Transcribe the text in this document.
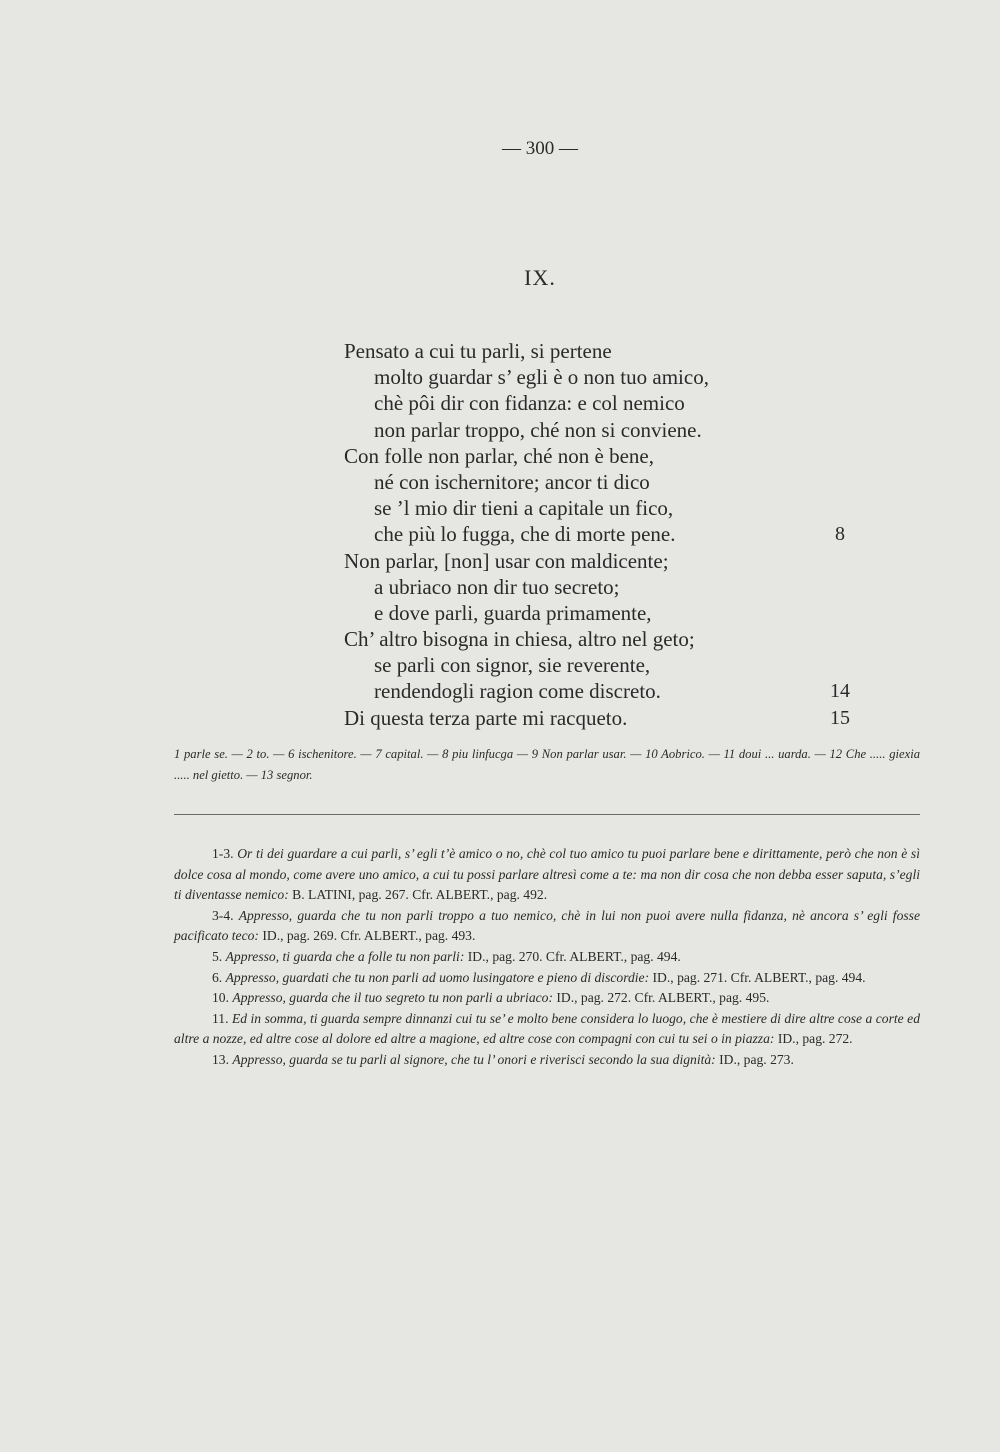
— 300 —
IX.
Pensato a cui tu parli, si pertene
molto guardar s’ egli è o non tuo amico,
chè pôi dir con fidanza: e col nemico
non parlar troppo, ché non si conviene.
Con folle non parlar, ché non è bene,
né con ischernitore; ancor ti dico
se ’l mio dir tieni a capitale un fico,
che più lo fugga, che di morte pene.	8
Non parlar, [non] usar con maldicente;
a ubriaco non dir tuo secreto;
e dove parli, guarda primamente,
Ch’ altro bisogna in chiesa, altro nel geto;
se parli con signor, sie reverente,
rendendogli ragion come discreto.	14
Di questa terza parte mi racqueto.	15
1 parle se. — 2 to. — 6 ischenitore. — 7 capital. — 8 piu linfucga — 9 Non parlar usar. — 10 Aobrico. — 11 doui ... uarda. — 12 Che ..... giexia ..... nel gietto. — 13 segnor.

1-3. Or ti dei guardare a cui parli, s’ egli t’è amico o no, chè col tuo amico tu puoi parlare bene e dirittamente, però che non è sì dolce cosa al mondo, come avere uno amico, a cui tu possi parlare altresì come a te: ma non dir cosa che non debba esser saputa, s’egli ti diventasse nemico: B. LATINI, pag. 267. Cfr. ALBERT., pag. 492.

3-4. Appresso, guarda che tu non parli troppo a tuo nemico, chè in lui non puoi avere nulla fidanza, nè ancora s’ egli fosse pacificato teco: ID., pag. 269. Cfr. ALBERT., pag. 493.

5. Appresso, ti guarda che a folle tu non parli: ID., pag. 270. Cfr. ALBERT., pag. 494.

6. Appresso, guardati che tu non parli ad uomo lusingatore e pieno di discordie: ID., pag. 271. Cfr. ALBERT., pag. 494.

10. Appresso, guarda che il tuo segreto tu non parli a ubriaco: ID., pag. 272. Cfr. ALBERT., pag. 495.

11. Ed in somma, ti guarda sempre dinnanzi cui tu se’ e molto bene considera lo luogo, che è mestiere di dire altre cose a corte ed altre a nozze, ed altre cose al dolore ed altre a magione, ed altre cose con compagni con cui tu sei o in piazza: ID., pag. 272.

13. Appresso, guarda se tu parli al signore, che tu l’ onori e riverisci secondo la sua dignità: ID., pag. 273.
